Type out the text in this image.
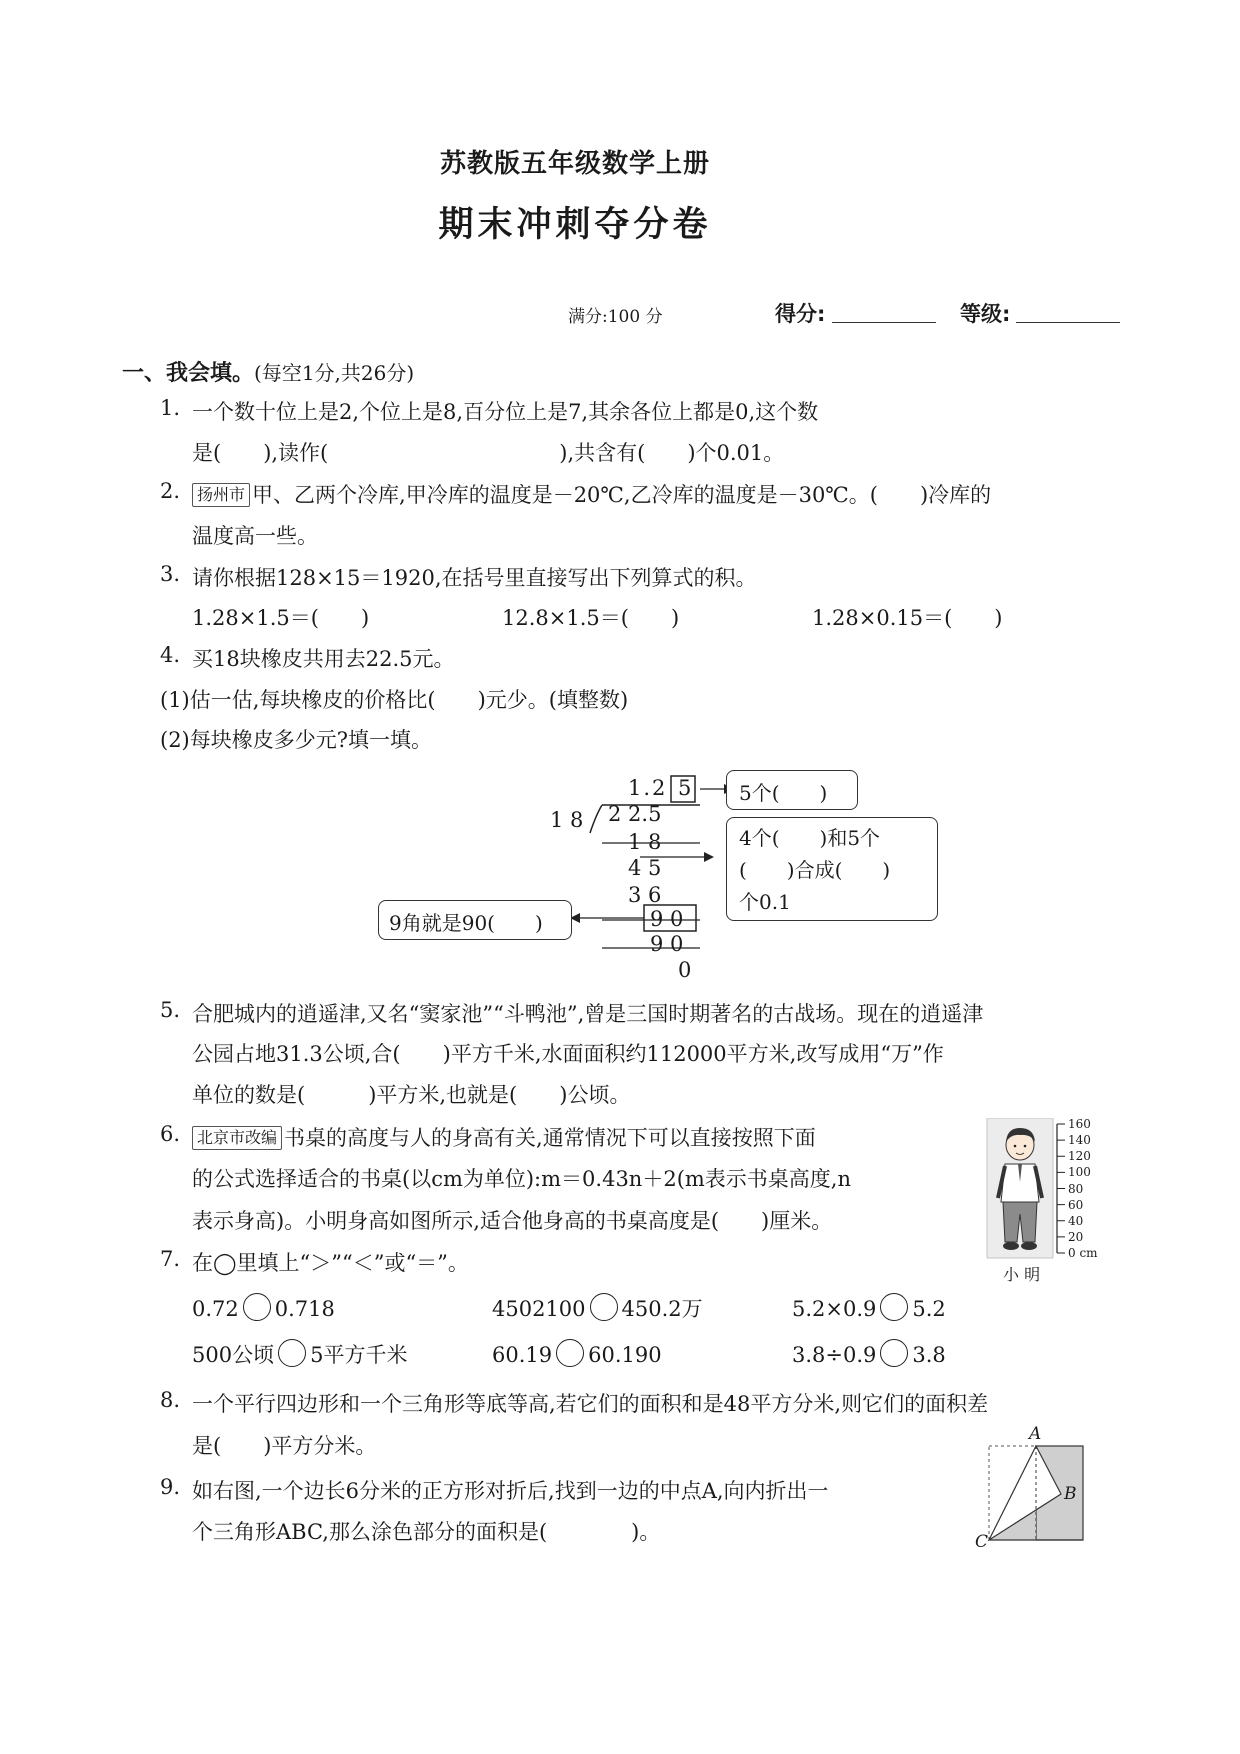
苏教版五年级数学上册
期末冲刺夺分卷
满分:100 分	得分:	等级:
一、我会填。(每空1分,共26分)
1. 一个数十位上是2,个位上是8,百分位上是7,其余各位上都是0,这个数
是(　　),读作(　　　　　　　　　　　),共含有(　　)个0.01。
2.	扬州市 甲、乙两个冷库,甲冷库的温度是－20℃,乙冷库的温度是－30℃。(　　)冷库的
温度高一些。
3. 请你根据128×15＝1920,在括号里直接写出下列算式的积。
1.28×1.5＝(　　)	12.8×1.5＝(　　)	1.28×0.15＝(　　)
4. 买18块橡皮共用去22.5元。
(1)估一估,每块橡皮的价格比(　　)元少。(填整数)
(2)每块橡皮多少元?填一填。
1.2 5
1 8 2 2.5
1 8
4 5
3 6
9 0
9 0
0
5个(　　)
4个(　　)和5个
(　　)合成(　　)
个0.1
9角就是90(　　)
5. 合肥城内的逍遥津,又名“窦家池”“斗鸭池”,曾是三国时期著名的古战场。现在的逍遥津
公园占地31.3公顷,合(　　)平方千米,水面面积约112000平方米,改写成用“万”作
单位的数是(　　　)平方米,也就是(　　)公顷。
6.	北京市改编 书桌的高度与人的身高有关,通常情况下可以直接按照下面
的公式选择适合的书桌(以cm为单位):m＝0.43n＋2(m表示书桌高度,n
表示身高)。小明身高如图所示,适合他身高的书桌高度是(　　)厘米。
160
140
120
100
80
60
40
20
0 cm
小 明
7. 在◯里填上“＞”“＜”或“＝”。
0.72 0.718	4502100 450.2万	5.2×0.9 5.2
500公顷 5平方千米	60.19 60.190	3.8÷0.9 3.8
8. 一个平行四边形和一个三角形等底等高,若它们的面积和是48平方分米,则它们的面积差
是(　　)平方分米。
9. 如右图,一个边长6分米的正方形对折后,找到一边的中点A,向内折出一
个三角形ABC,那么涂色部分的面积是(　　　　)。
A
B
C
